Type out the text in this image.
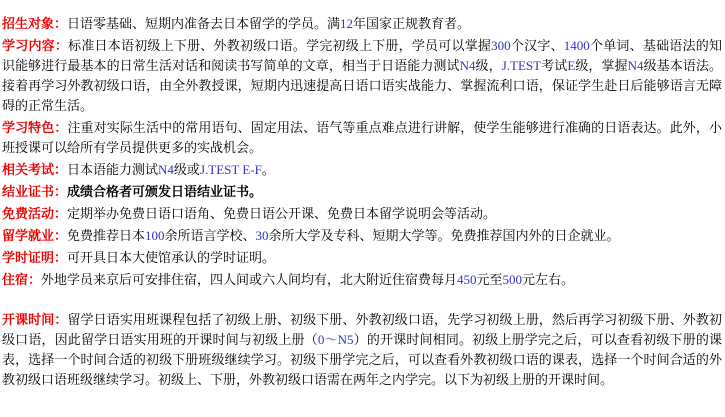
招生对象：日语零基础、短期内准备去日本留学的学员。满12年国家正规教育者。

学习内容：标准日本语初级上下册、外教初级口语。学完初级上下册，学员可以掌握300个汉字、1400个单词、基础语法的知识能够进行最基本的日常生活对话和阅读书写简单的文章，相当于日语能力测试N4级，J.TEST考试E级，掌握N4级基本语法。接着再学习外教初级口语，由全外教授课，短期内迅速提高日语口语实战能力、掌握流利口语，保证学生赴日后能够语言无障碍的正常生活。

学习特色：注重对实际生活中的常用语句、固定用法、语气等重点难点进行讲解，使学生能够进行准确的日语表达。此外，小班授课可以给所有学员提供更多的实战机会。

相关考试：日本语能力测试N4级或J.TEST E-F。

结业证书：成绩合格者可颁发日语结业证书。

免费活动：定期举办免费日语口语角、免费日语公开课、免费日本留学说明会等活动。

留学就业：免费推荐日本100余所语言学校、30余所大学及专科、短期大学等。免费推荐国内外的日企就业。

学时证明：可开具日本大使馆承认的学时证明。

住宿：外地学员来京后可安排住宿，四人间或六人间均有，北大附近住宿费每月450元至500元左右。

开课时间：留学日语实用班课程包括了初级上册、初级下册、外教初级口语，先学习初级上册，然后再学习初级下册、外教初级口语，因此留学日语实用班的开课时间与初级上册（0～N5）的开课时间相同。初级上册学完之后，可以查看初级下册的课表，选择一个时间合适的初级下册班级继续学习。初级下册学完之后，可以查看外教初级口语的课表，选择一个时间合适的外教初级口语班级继续学习。初级上、下册，外教初级口语需在两年之内学完。以下为初级上册的开课时间。
